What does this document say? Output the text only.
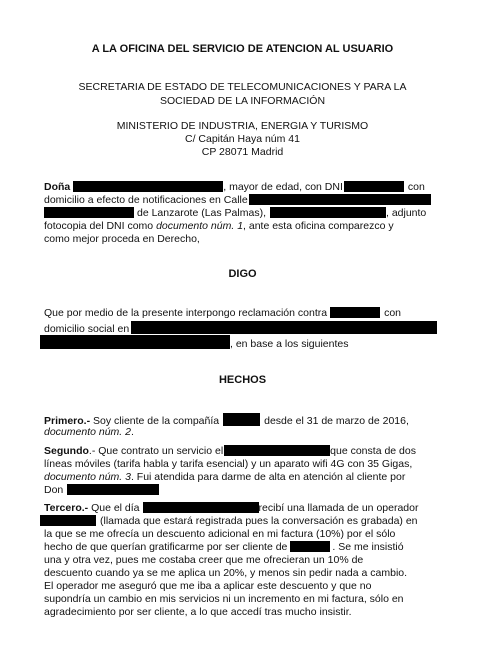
A LA OFICINA DEL SERVICIO DE ATENCION AL USUARIO
SECRETARIA DE ESTADO DE TELECOMUNICACIONES Y PARA LA
SOCIEDAD DE LA INFORMACIÓN
MINISTERIO DE INDUSTRIA, ENERGIA Y TURISMO
C/ Capitán Haya núm 41
CP 28071 Madrid
Doña	, mayor de edad, con DNI	con
domicilio a efecto de notificaciones en Calle
de Lanzarote (Las Palmas),	, adjunto
fotocopia del DNI como documento núm. 1, ante esta oficina comparezco y
como mejor proceda en Derecho,
DIGO
Que por medio de la presente interpongo reclamación contra	con
domicilio social en
, en base a los siguientes
HECHOS
Primero.- Soy cliente de la compañía	desde el 31 de marzo de 2016,
documento núm. 2.
Segundo.- Que contrato un servicio el	que consta de dos
líneas móviles (tarifa habla y tarifa esencial) y un aparato wifi 4G con 35 Gigas,
documento núm. 3. Fui atendida para darme de alta en atención al cliente por
Don
Tercero.- Que el día	recibí una llamada de un operador
(llamada que estará registrada pues la conversación es grabada) en
la que se me ofrecía un descuento adicional en mi factura (10%) por el sólo
hecho de que querían gratificarme por ser cliente de	. Se me insistió
una y otra vez, pues me costaba creer que me ofrecieran un 10% de
descuento cuando ya se me aplica un 20%, y menos sin pedir nada a cambio.
El operador me aseguró que me iba a aplicar este descuento y que no
supondría un cambio en mis servicios ni un incremento en mi factura, sólo en
agradecimiento por ser cliente, a lo que accedí tras mucho insistir.
